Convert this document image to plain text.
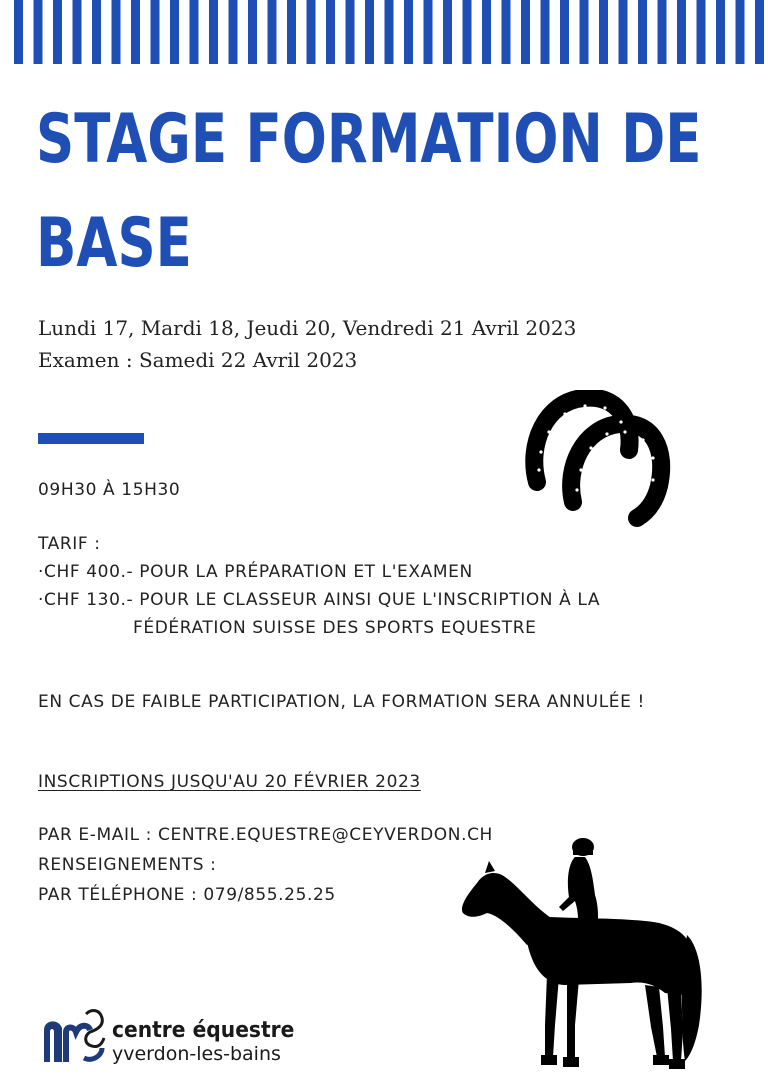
STAGE FORMATION DE
BASE
Lundi 17, Mardi 18, Jeudi 20, Vendredi 21 Avril 2023
Examen : Samedi 22 Avril 2023
09H30 À 15H30
TARIF :
·CHF 400.- POUR LA PRÉPARATION ET L'EXAMEN
·CHF 130.- POUR LE CLASSEUR AINSI QUE L'INSCRIPTION À LA
FÉDÉRATION SUISSE DES SPORTS EQUESTRE
EN CAS DE FAIBLE PARTICIPATION, LA FORMATION SERA ANNULÉE !
INSCRIPTIONS JUSQU'AU 20 FÉVRIER 2023
PAR E-MAIL : CENTRE.EQUESTRE@CEYVERDON.CH
RENSEIGNEMENTS :
PAR TÉLÉPHONE : 079/855.25.25
centre équestre
yverdon-les-bains
